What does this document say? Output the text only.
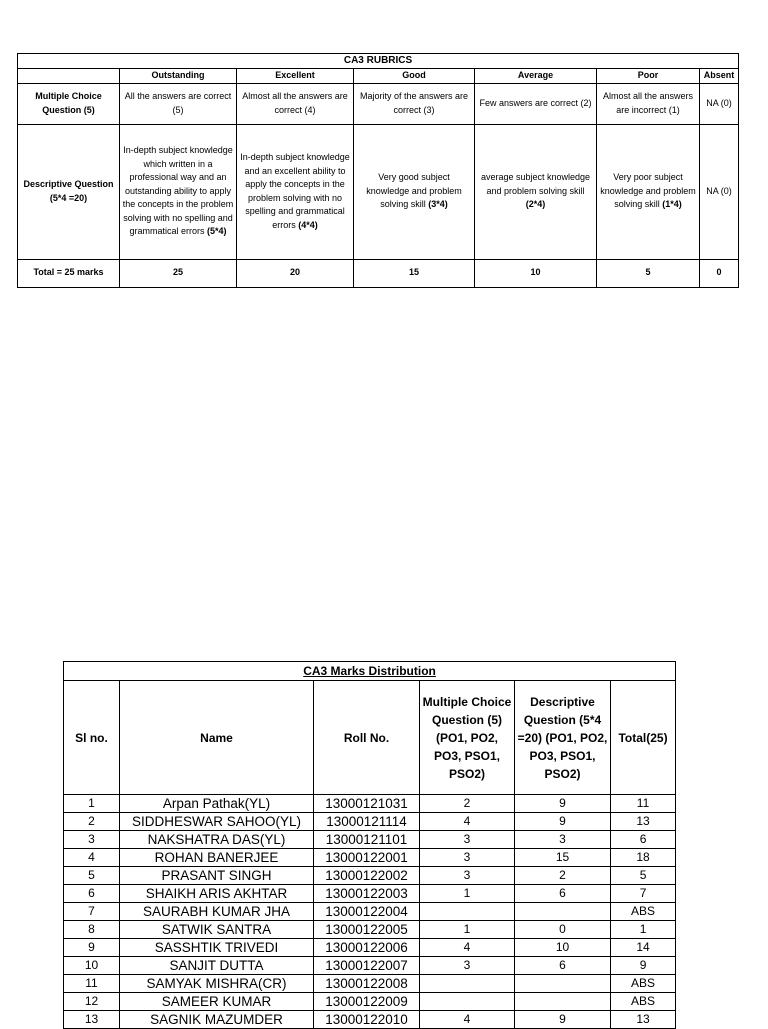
CA3 RUBRICS						
	Outstanding	Excellent	Good	Average	Poor	Absent
Multiple Choice Question (5)	All the answers are correct (5)	Almost all the answers are correct (4)	Majority of the answers are correct (3)	Few answers are correct (2)	Almost all the answers are incorrect (1)	NA (0)
Descriptive Question (5*4 =20)	In-depth subject knowledge which written in a professional way and an outstanding ability to apply the concepts in the problem solving with no spelling and grammatical errors (5*4)	In-depth subject knowledge and an excellent ability to apply the concepts in the problem solving with no spelling and grammatical errors (4*4)	Very good subject knowledge and problem solving skill (3*4)	average subject knowledge and problem solving skill (2*4)	Very poor subject knowledge and problem solving skill (1*4)	NA (0)
Total = 25 marks	25	20	15	10	5	0
CA3 Marks Distribution					
Sl no.	Name	Roll No.	Multiple Choice Question (5) (PO1, PO2, PO3, PSO1, PSO2)	Descriptive Question (5*4 =20) (PO1, PO2, PO3, PSO1, PSO2)	Total(25)
1	Arpan Pathak(YL)	13000121031	2	9	11
2	SIDDHESWAR SAHOO(YL)	13000121114	4	9	13
3	NAKSHATRA DAS(YL)	13000121101	3	3	6
4	ROHAN BANERJEE	13000122001	3	15	18
5	PRASANT SINGH	13000122002	3	2	5
6	SHAIKH ARIS AKHTAR	13000122003	1	6	7
7	SAURABH KUMAR JHA	13000122004			ABS
8	SATWIK SANTRA	13000122005	1	0	1
9	SASSHTIK TRIVEDI	13000122006	4	10	14
10	SANJIT DUTTA	13000122007	3	6	9
11	SAMYAK MISHRA(CR)	13000122008			ABS
12	SAMEER KUMAR	13000122009			ABS
13	SAGNIK MAZUMDER	13000122010	4	9	13
